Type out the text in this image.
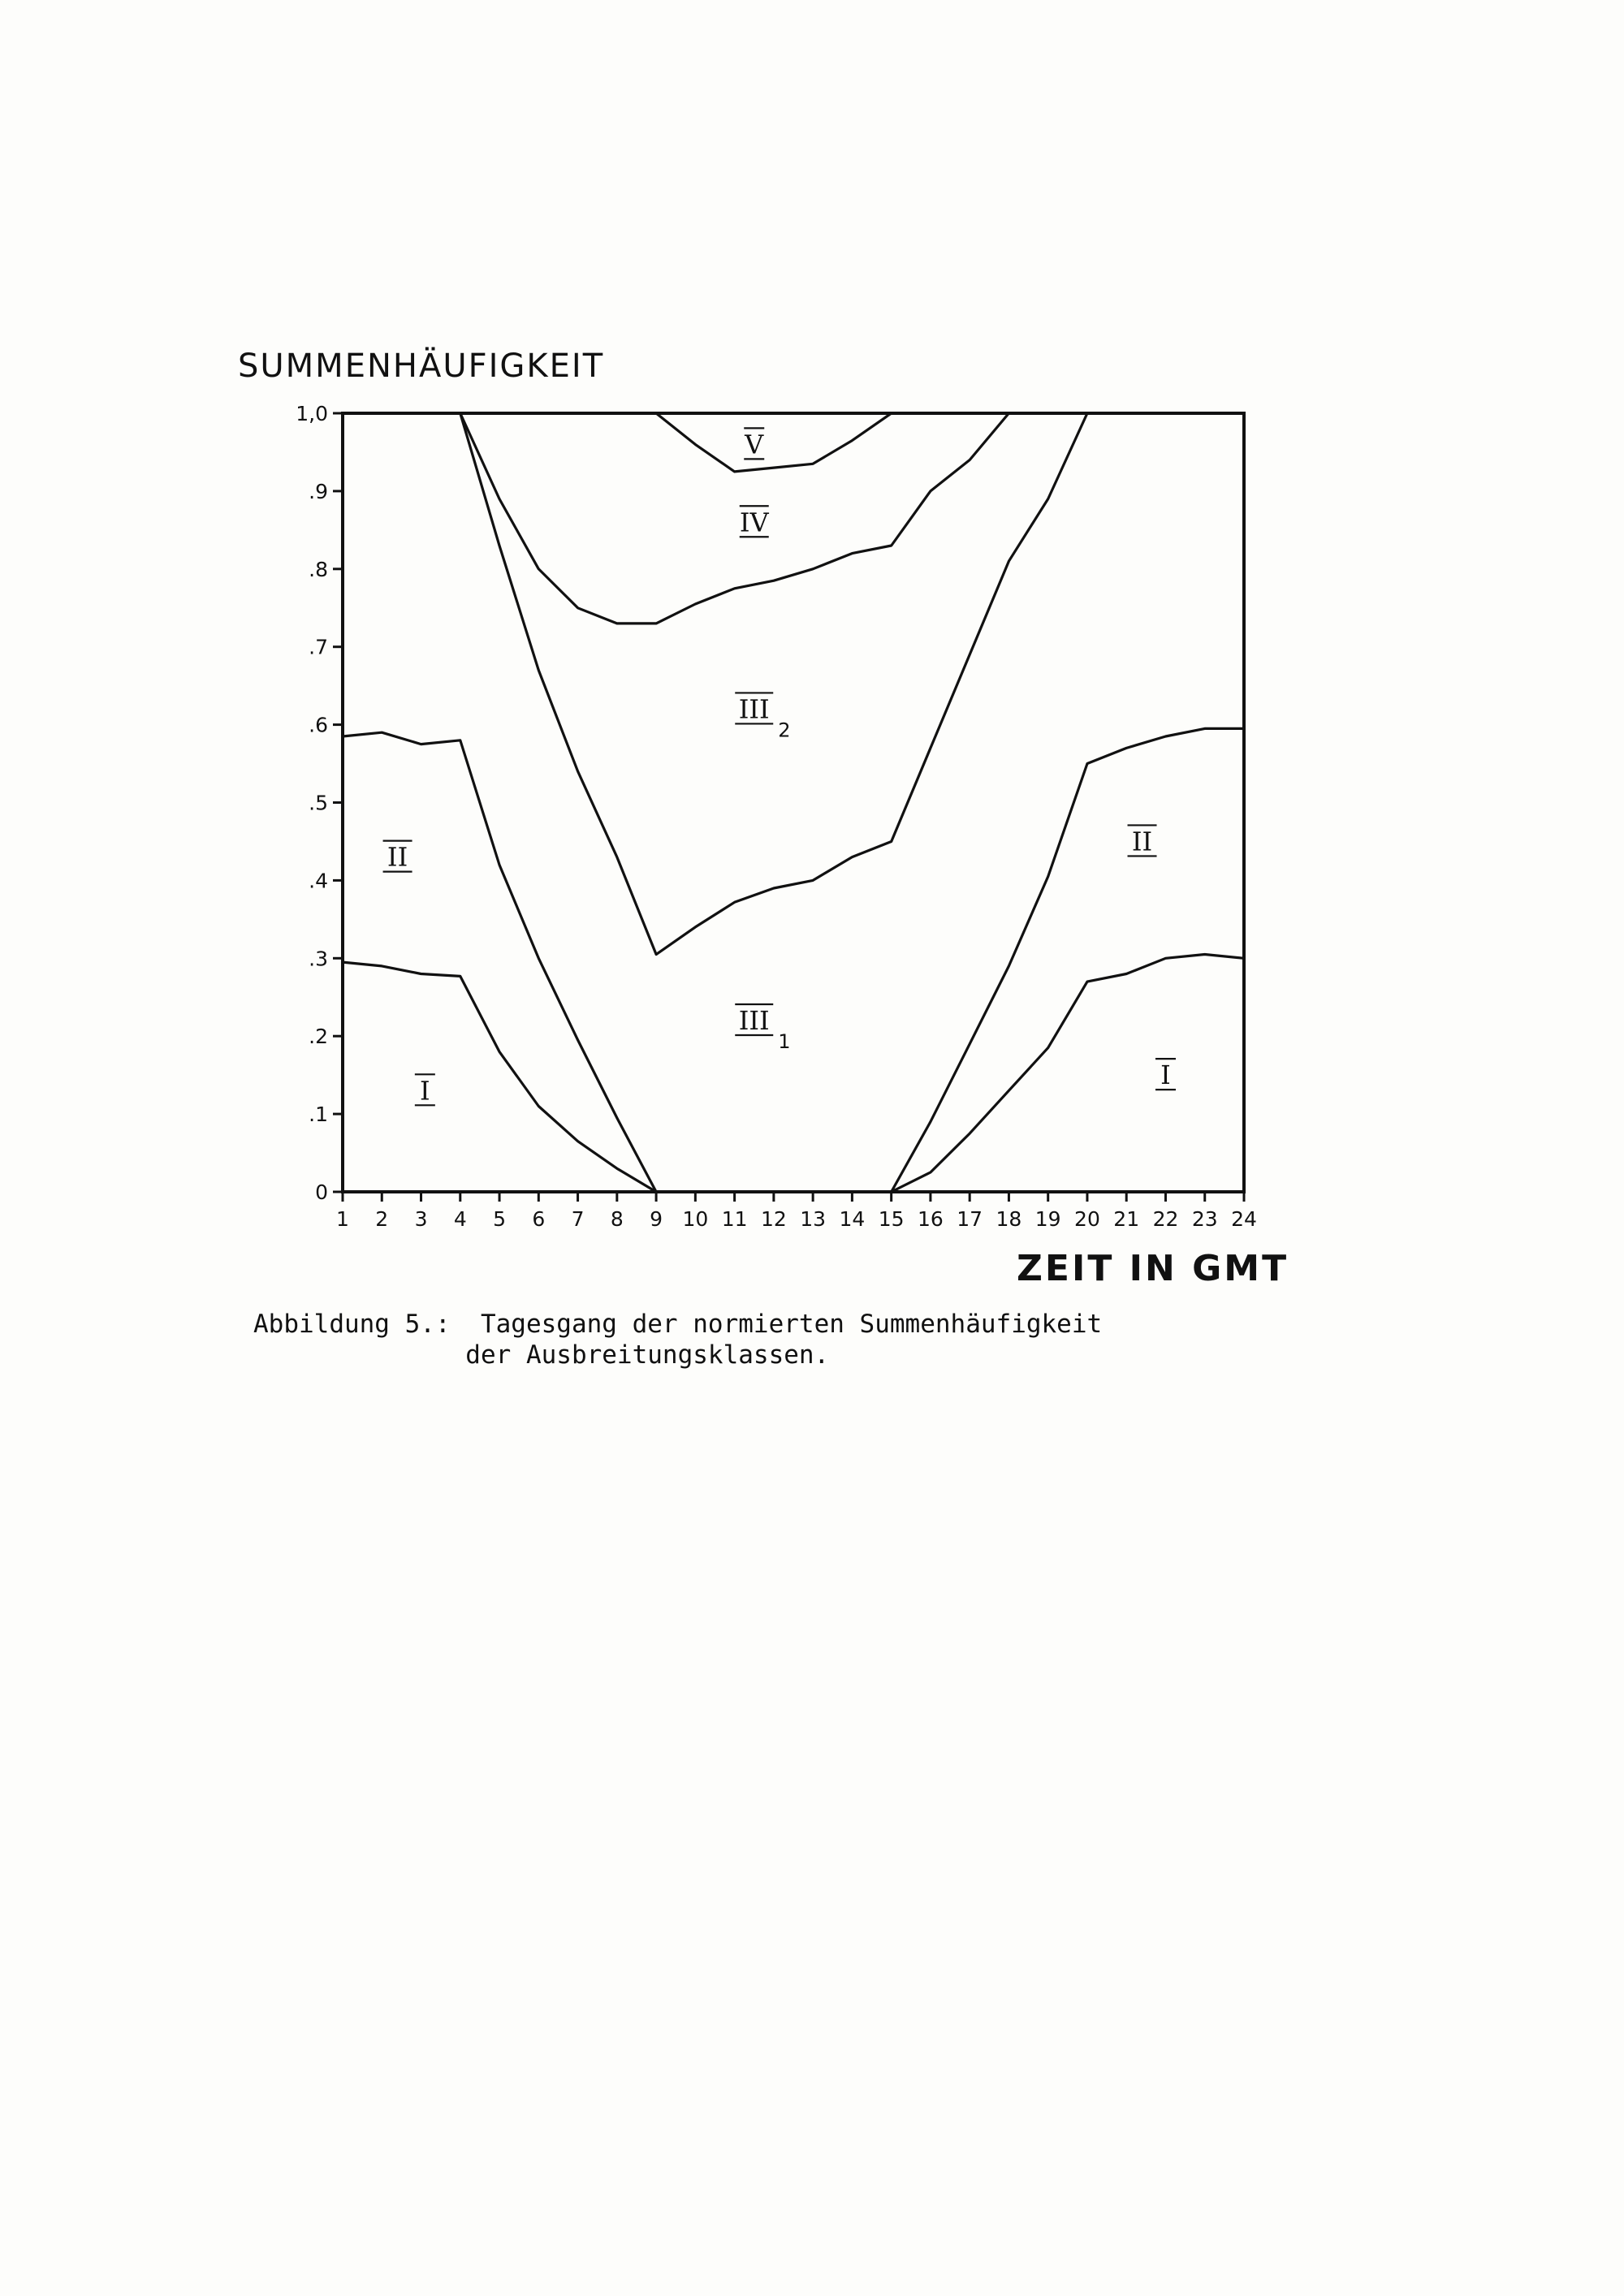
SUMMENHÄUFIGKEIT
ZEIT IN GMT
0
.1
.2
.3
.4
.5
.6
.7
.8
.9
1,0
1 2 3 4 5 6 7 8 9 10 11 12 13 14 15 16 17 18 19 20 21 22 23 24
V
IV
III
2
II
II
III
1
I
I
Abbildung 5.: Tagesgang der normierten Summenhäufigkeit
der Ausbreitungsklassen.
